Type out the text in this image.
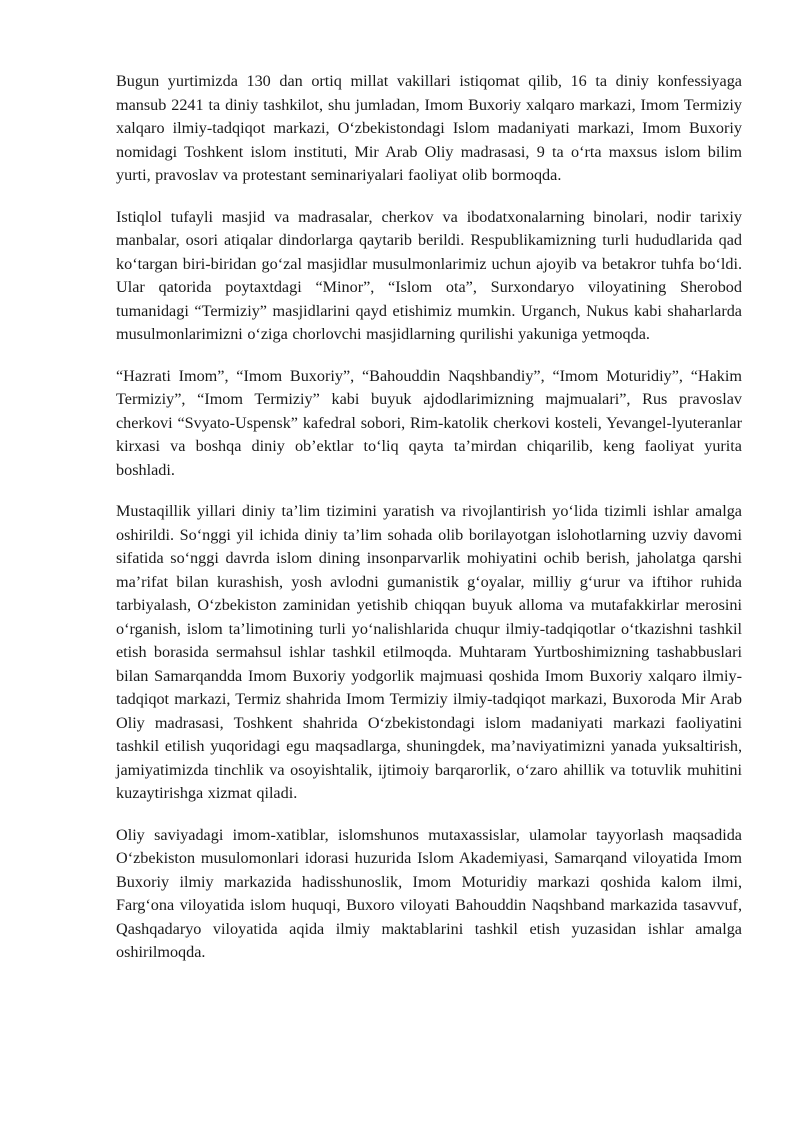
Bugun yurtimizda 130 dan ortiq millat vakillari istiqomat qilib, 16 ta diniy konfessiyaga mansub 2241 ta diniy tashkilot, shu jumladan, Imom Buxoriy xalqaro markazi, Imom Termiziy xalqaro ilmiy-tadqiqot markazi, O‘zbekistondagi Islom madaniyati markazi, Imom Buxoriy nomidagi Toshkent islom instituti, Mir Arab Oliy madrasasi, 9 ta o‘rta maxsus islom bilim yurti, pravoslav va protestant seminariyalari faoliyat olib bormoqda.

Istiqlol tufayli masjid va madrasalar, cherkov va ibodatxonalarning binolari, nodir tarixiy manbalar, osori atiqalar dindorlarga qaytarib berildi. Respublikamizning turli hududlarida qad ko‘targan biri-biridan go‘zal masjidlar musulmonlarimiz uchun ajoyib va betakror tuhfa bo‘ldi. Ular qatorida poytaxtdagi “Minor”, “Islom ota”, Surxondaryo viloyatining Sherobod tumanidagi “Termiziy” masjidlarini qayd etishimiz mumkin. Urganch, Nukus kabi shaharlarda musulmonlarimizni o‘ziga chorlovchi masjidlarning qurilishi yakuniga yetmoqda.

“Hazrati Imom”, “Imom Buxoriy”, “Bahouddin Naqshbandiy”, “Imom Moturidiy”, “Hakim Termiziy”, “Imom Termiziy” kabi buyuk ajdodlarimizning majmualari”, Rus pravoslav cherkovi “Svyato-Uspensk” kafedral sobori, Rim-katolik cherkovi kosteli, Yevangel-lyuteranlar kirxasi va boshqa diniy ob’ektlar to‘liq qayta ta’mirdan chiqarilib, keng faoliyat yurita boshladi.

Mustaqillik yillari diniy ta’lim tizimini yaratish va rivojlantirish yo‘lida tizimli ishlar amalga oshirildi. So‘nggi yil ichida diniy ta’lim sohada olib borilayotgan islohotlarning uzviy davomi sifatida so‘nggi davrda islom dining insonparvarlik mohiyatini ochib berish, jaholatga qarshi ma’rifat bilan kurashish, yosh avlodni gumanistik g‘oyalar, milliy g‘urur va iftihor ruhida tarbiyalash, O‘zbekiston zaminidan yetishib chiqqan buyuk alloma va mutafakkirlar merosini o‘rganish, islom ta’limotining turli yo‘nalishlarida chuqur ilmiy-tadqiqotlar o‘tkazishni tashkil etish borasida sermahsul ishlar tashkil etilmoqda. Muhtaram Yurtboshimizning tashabbuslari bilan Samarqandda Imom Buxoriy yodgorlik majmuasi qoshida Imom Buxoriy xalqaro ilmiy-tadqiqot markazi, Termiz shahrida Imom Termiziy ilmiy-tadqiqot markazi, Buxoroda Mir Arab Oliy madrasasi, Toshkent shahrida O‘zbekistondagi islom madaniyati markazi faoliyatini tashkil etilish yuqoridagi egu maqsadlarga, shuningdek, ma’naviyatimizni yanada yuksaltirish, jamiyatimizda tinchlik va osoyishtalik, ijtimoiy barqarorlik, o‘zaro ahillik va totuvlik muhitini kuzaytirishga xizmat qiladi.

Oliy saviyadagi imom-xatiblar, islomshunos mutaxassislar, ulamolar tayyorlash maqsadida O‘zbekiston musulomonlari idorasi huzurida Islom Akademiyasi, Samarqand viloyatida Imom Buxoriy ilmiy markazida hadisshunoslik, Imom Moturidiy markazi qoshida kalom ilmi, Farg‘ona viloyatida islom huquqi, Buxoro viloyati Bahouddin Naqshband markazida tasavvuf, Qashqadaryo viloyatida aqida ilmiy maktablarini tashkil etish yuzasidan ishlar amalga oshirilmoqda.
